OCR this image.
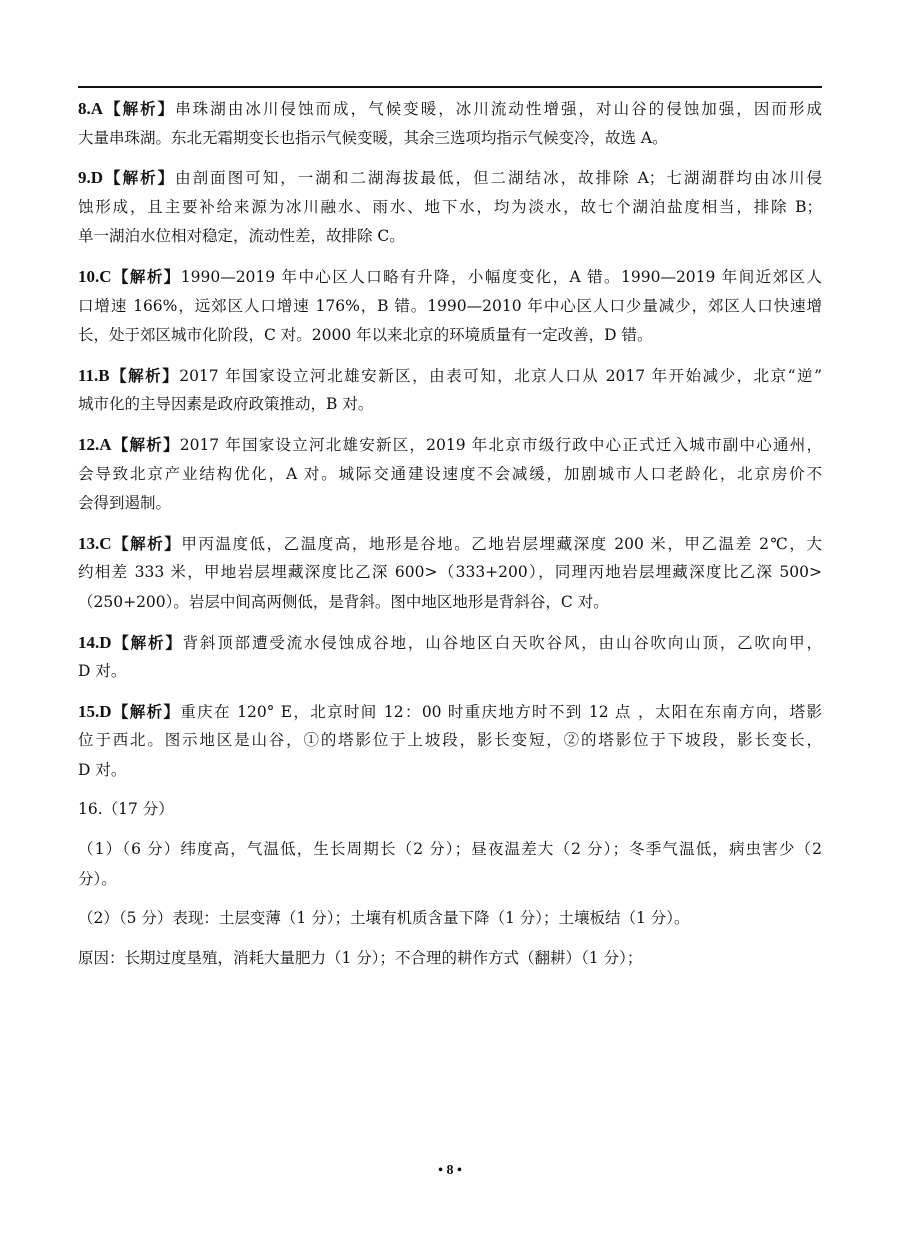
8.A【解析】串珠湖由冰川侵蚀而成，气候变暖，冰川流动性增强，对山谷的侵蚀加强，因而形成
大量串珠湖。东北无霜期变长也指示气候变暖，其余三选项均指示气候变冷，故选 A。
9.D【解析】由剖面图可知，一湖和二湖海拔最低，但二湖结冰，故排除 A；七湖湖群均由冰川侵
蚀形成，且主要补给来源为冰川融水、雨水、地下水，均为淡水，故七个湖泊盐度相当，排除 B；
单一湖泊水位相对稳定，流动性差，故排除 C。
10.C【解析】1990—2019 年中心区人口略有升降，小幅度变化，A 错。1990—2019 年间近郊区人
口增速 166%，远郊区人口增速 176%，B 错。1990—2010 年中心区人口少量减少，郊区人口快速增
长，处于郊区城市化阶段，C 对。2000 年以来北京的环境质量有一定改善，D 错。
11.B【解析】2017 年国家设立河北雄安新区，由表可知，北京人口从 2017 年开始减少，北京“逆”
城市化的主导因素是政府政策推动，B 对。
12.A【解析】2017 年国家设立河北雄安新区，2019 年北京市级行政中心正式迁入城市副中心通州，
会导致北京产业结构优化，A 对。城际交通建设速度不会减缓，加剧城市人口老龄化，北京房价不
会得到遏制。
13.C【解析】甲丙温度低，乙温度高，地形是谷地。乙地岩层埋藏深度 200 米，甲乙温差 2℃，大
约相差 333 米，甲地岩层埋藏深度比乙深 600>（333+200），同理丙地岩层埋藏深度比乙深 500>
（250+200）。岩层中间高两侧低，是背斜。图中地区地形是背斜谷，C 对。
14.D【解析】背斜顶部遭受流水侵蚀成谷地，山谷地区白天吹谷风，由山谷吹向山顶，乙吹向甲，
D 对。
15.D【解析】重庆在 120° E，北京时间 12：00 时重庆地方时不到 12 点 ，太阳在东南方向，塔影
位于西北。图示地区是山谷，①的塔影位于上坡段，影长变短，②的塔影位于下坡段，影长变长，
D 对。
16.（17 分）
（1）（6 分）纬度高，气温低，生长周期长（2 分）；昼夜温差大（2 分）；冬季气温低，病虫害少（2
分）。
（2）（5 分）表现：土层变薄（1 分）；土壤有机质含量下降（1 分）；土壤板结（1 分）。
原因：长期过度垦殖，消耗大量肥力（1 分）；不合理的耕作方式（翻耕）（1 分）；
• 8 •
